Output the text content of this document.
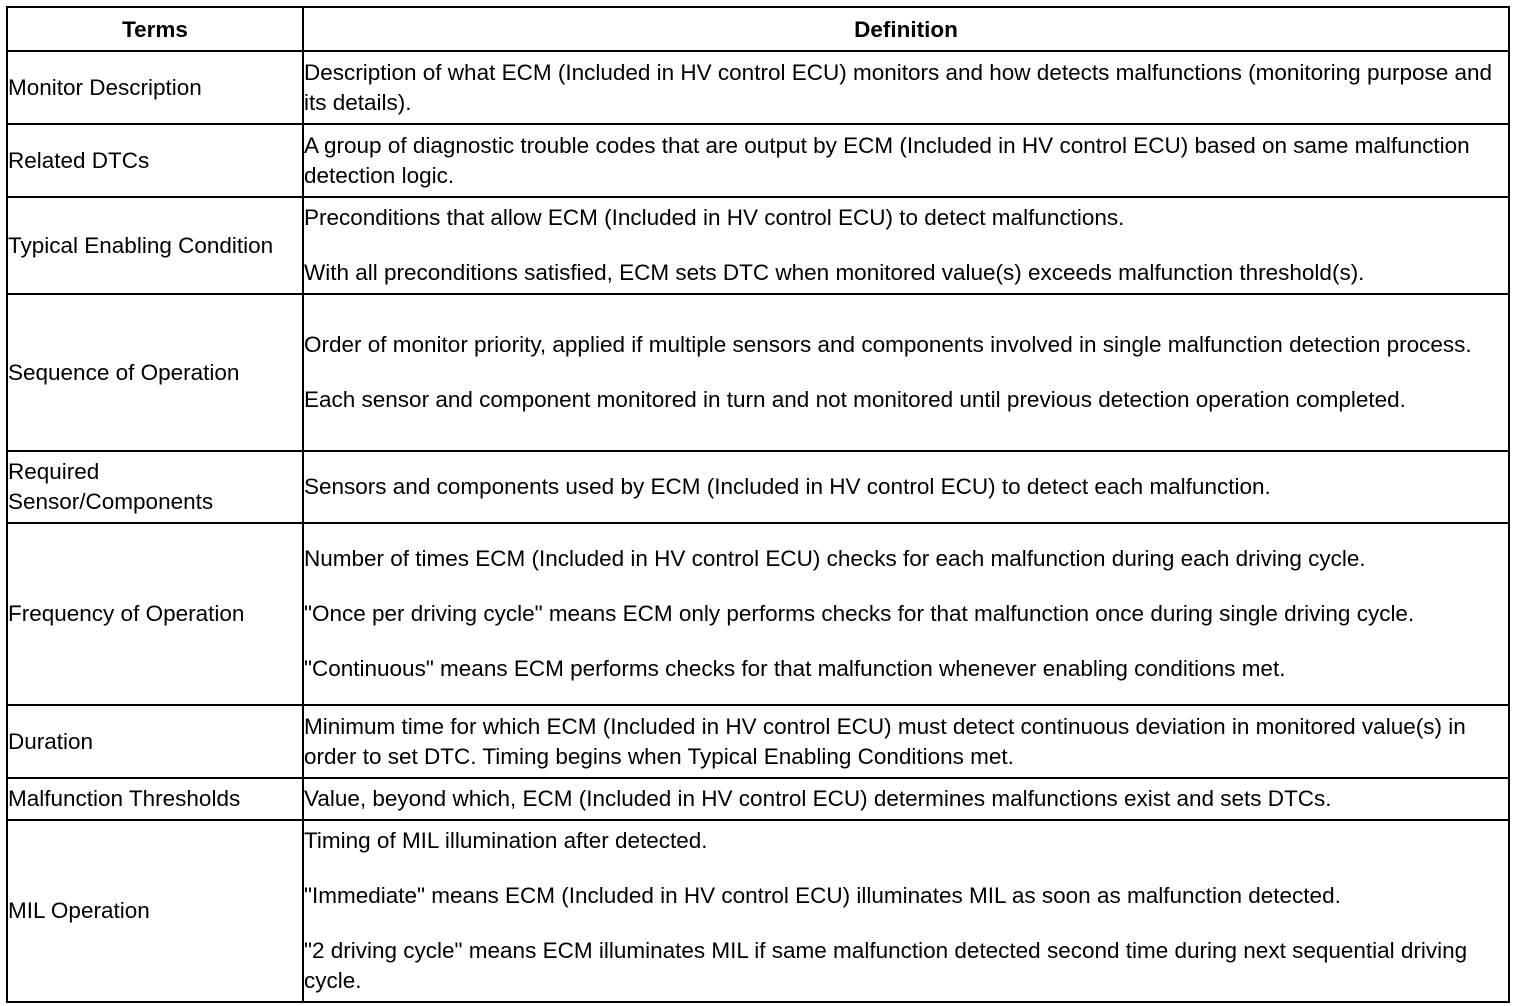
Terms	Definition
Monitor Description	Description of what ECM (Included in HV control ECU) monitors and how detects malfunctions (monitoring purpose and its details).

Related DTCs	A group of diagnostic trouble codes that are output by ECM (Included in HV control ECU) based on same malfunction detection logic.

Typical Enabling Condition	Preconditions that allow ECM (Included in HV control ECU) to detect malfunctions.

With all preconditions satisfied, ECM sets DTC when monitored value(s) exceeds malfunction threshold(s).

Sequence of Operation	Order of monitor priority, applied if multiple sensors and components involved in single malfunction detection process.

Each sensor and component monitored in turn and not monitored until previous detection operation completed.

Required Sensor/Components	Sensors and components used by ECM (Included in HV control ECU) to detect each malfunction.

Frequency of Operation	Number of times ECM (Included in HV control ECU) checks for each malfunction during each driving cycle.

"Once per driving cycle" means ECM only performs checks for that malfunction once during single driving cycle.

"Continuous" means ECM performs checks for that malfunction whenever enabling conditions met.

Duration	Minimum time for which ECM (Included in HV control ECU) must detect continuous deviation in monitored value(s) in order to set DTC. Timing begins when Typical Enabling Conditions met.

Malfunction Thresholds	Value, beyond which, ECM (Included in HV control ECU) determines malfunctions exist and sets DTCs.

MIL Operation	Timing of MIL illumination after detected.

"Immediate" means ECM (Included in HV control ECU) illuminates MIL as soon as malfunction detected.

"2 driving cycle" means ECM illuminates MIL if same malfunction detected second time during next sequential driving cycle.
